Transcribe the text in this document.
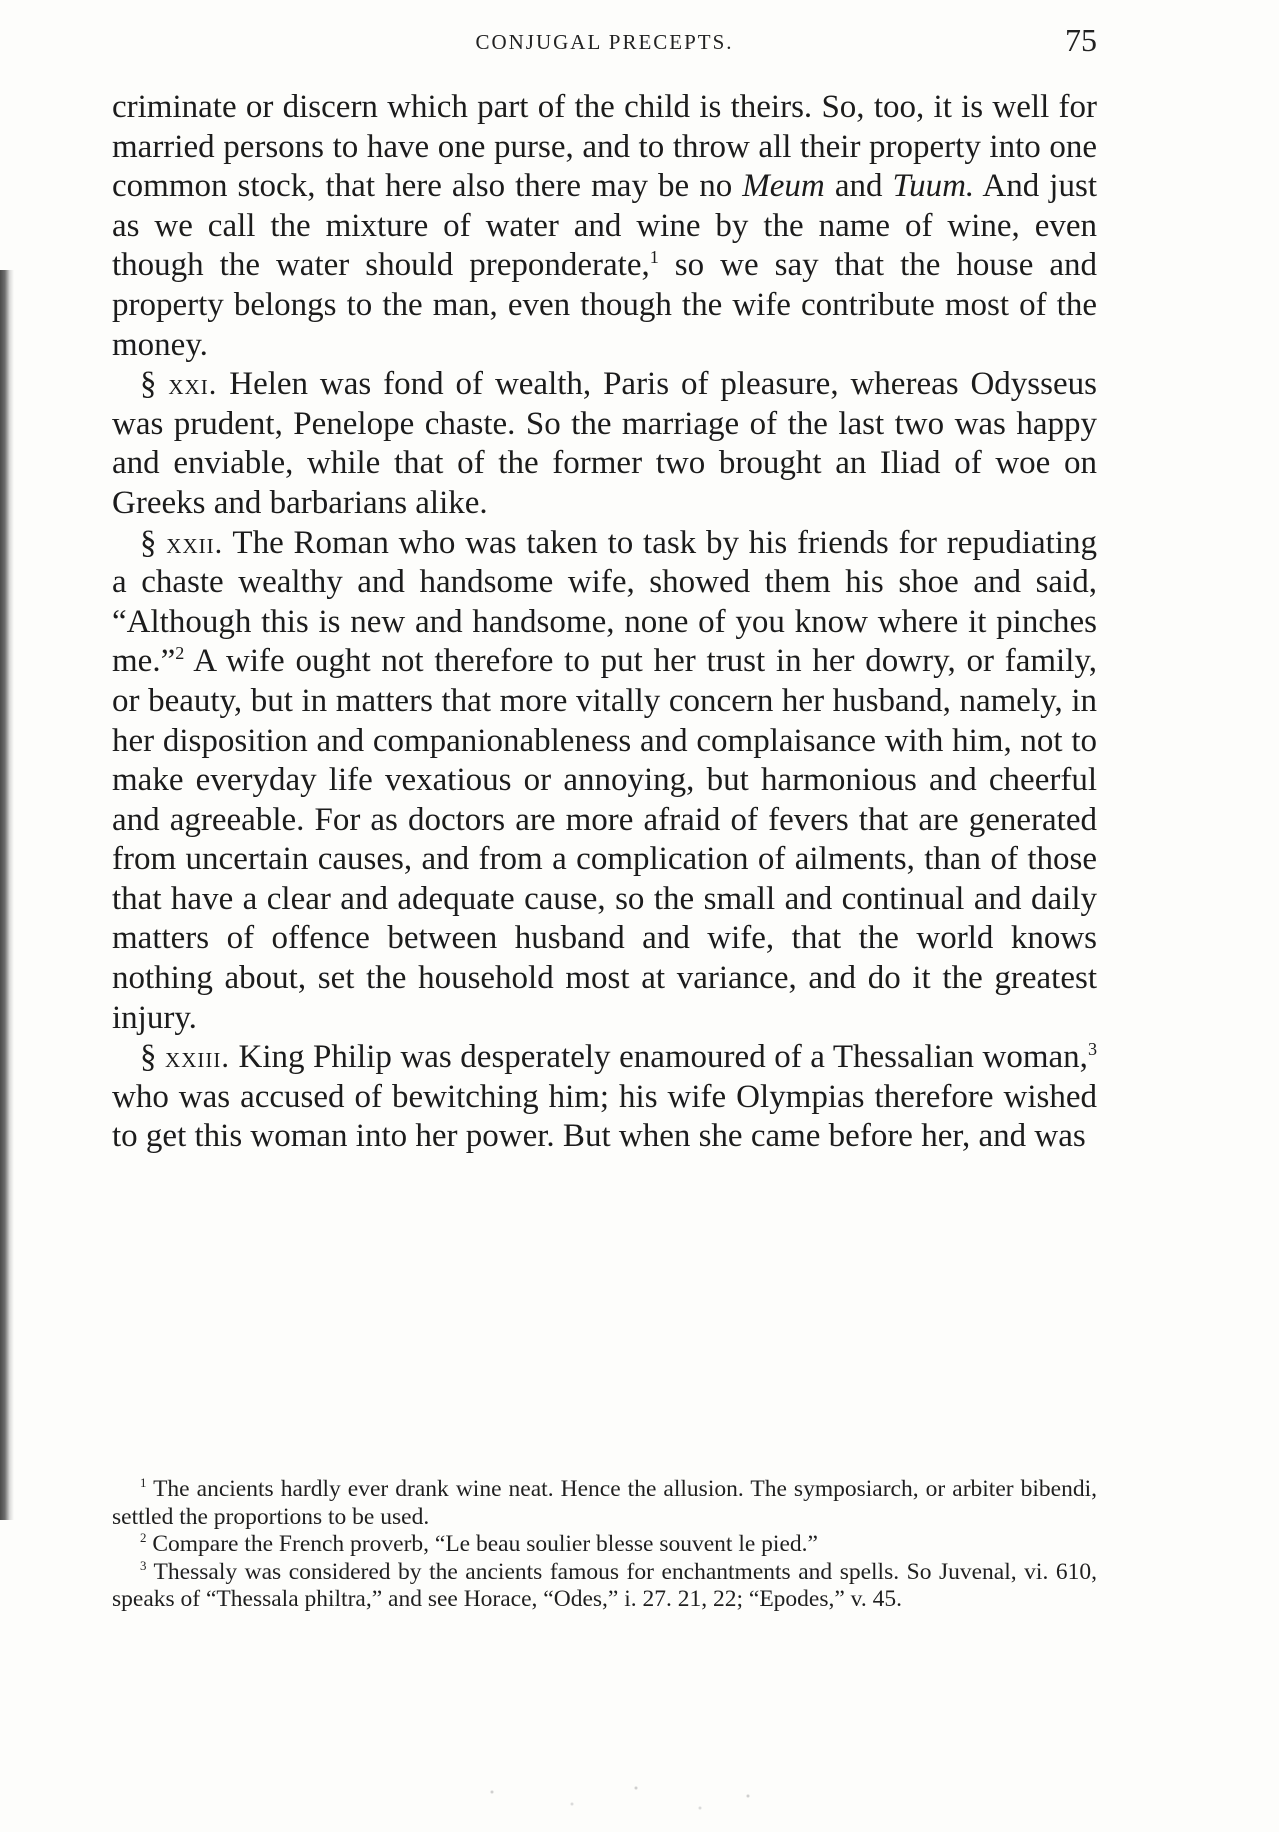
CONJUGAL PRECEPTS.	75

criminate or discern which part of the child is theirs. So, too, it is well for married persons to have one purse, and to throw all their property into one common stock, that here also there may be no Meum and Tuum. And just as we call the mixture of water and wine by the name of wine, even though the water should preponderate,$^1$ so we say that the house and property belongs to the man, even though the wife contribute most of the money.

§ xxi. Helen was fond of wealth, Paris of pleasure, whereas Odysseus was prudent, Penelope chaste. So the marriage of the last two was happy and enviable, while that of the former two brought an Iliad of woe on Greeks and barbarians alike.

§ xxii. The Roman who was taken to task by his friends for repudiating a chaste wealthy and handsome wife, showed them his shoe and said, “Although this is new and handsome, none of you know where it pinches me.”$^2$ A wife ought not therefore to put her trust in her dowry, or family, or beauty, but in matters that more vitally concern her husband, namely, in her disposition and companionableness and complaisance with him, not to make everyday life vexatious or annoying, but harmonious and cheerful and agreeable. For as doctors are more afraid of fevers that are generated from uncertain causes, and from a complication of ailments, than of those that have a clear and adequate cause, so the small and continual and daily matters of offence between husband and wife, that the world knows nothing about, set the household most at variance, and do it the greatest injury.

§ xxiii. King Philip was desperately enamoured of a Thessalian woman,$^3$ who was accused of bewitching him; his wife Olympias therefore wished to get this woman into her power. But when she came before her, and was

$^1$ The ancients hardly ever drank wine neat. Hence the allusion. The symposiarch, or arbiter bibendi, settled the proportions to be used.

$^2$ Compare the French proverb, “Le beau soulier blesse souvent le pied.”

$^3$ Thessaly was considered by the ancients famous for enchantments and spells. So Juvenal, vi. 610, speaks of “Thessala philtra,” and see Horace, “Odes,” i. 27. 21, 22; “Epodes,” v. 45.
